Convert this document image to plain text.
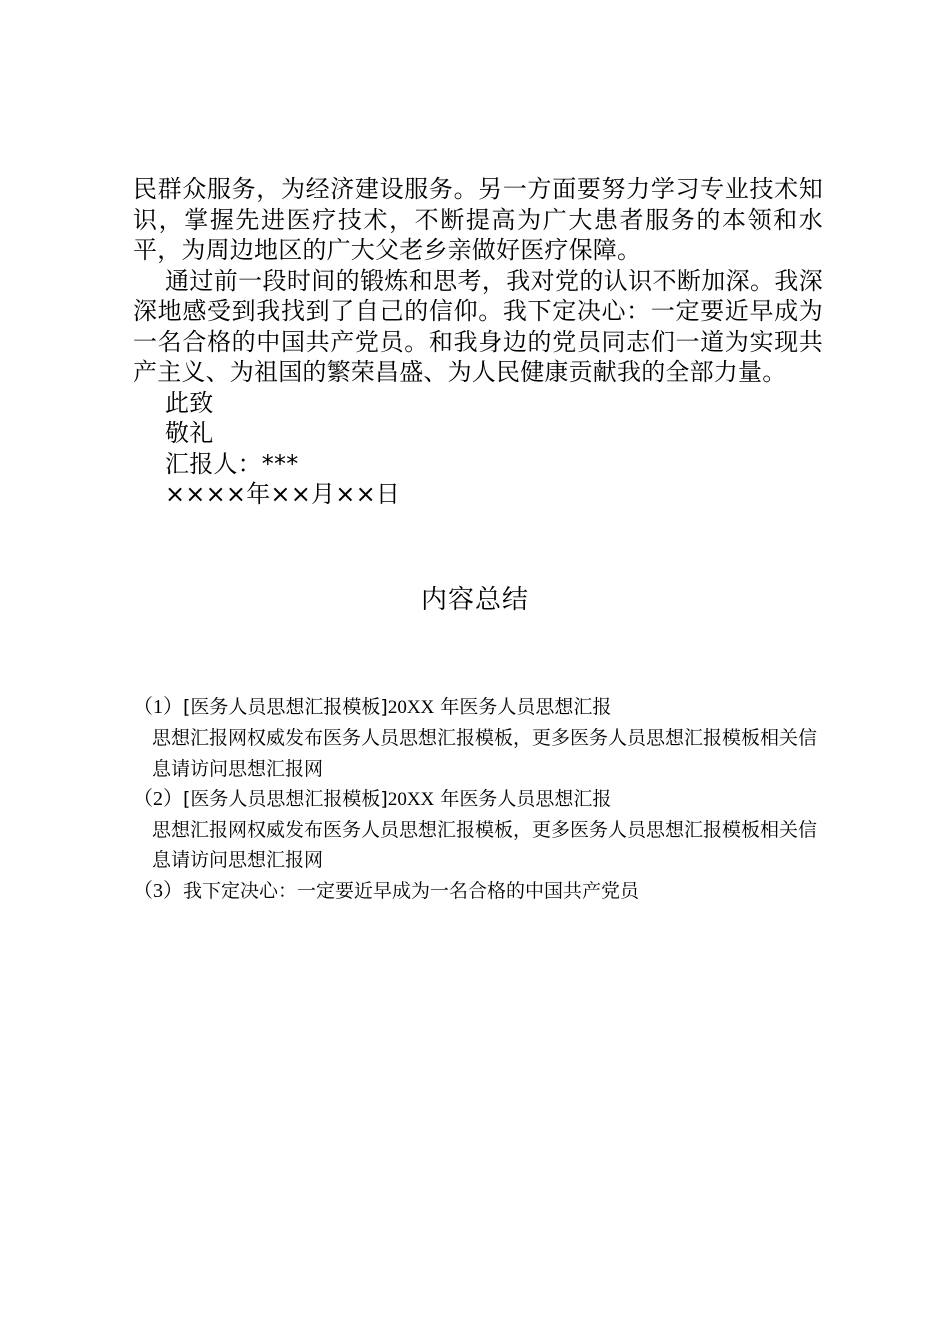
民群众服务，为经济建设服务。另一方面要努力学习专业技术知识，掌握先进医疗技术，不断提高为广大患者服务的本领和水平，为周边地区的广大父老乡亲做好医疗保障。

通过前一段时间的锻炼和思考，我对党的认识不断加深。我深深地感受到我找到了自己的信仰。我下定决心：一定要近早成为一名合格的中国共产党员。和我身边的党员同志们一道为实现共产主义、为祖国的繁荣昌盛、为人民健康贡献我的全部力量。

此致

敬礼

汇报人：***

××××年××月××日

内容总结

（1）[医务人员思想汇报模板]20XX 年医务人员思想汇报

思想汇报网权威发布医务人员思想汇报模板，更多医务人员思想汇报模板相关信息请访问思想汇报网

（2）[医务人员思想汇报模板]20XX 年医务人员思想汇报

思想汇报网权威发布医务人员思想汇报模板，更多医务人员思想汇报模板相关信息请访问思想汇报网

（3）我下定决心：一定要近早成为一名合格的中国共产党员
